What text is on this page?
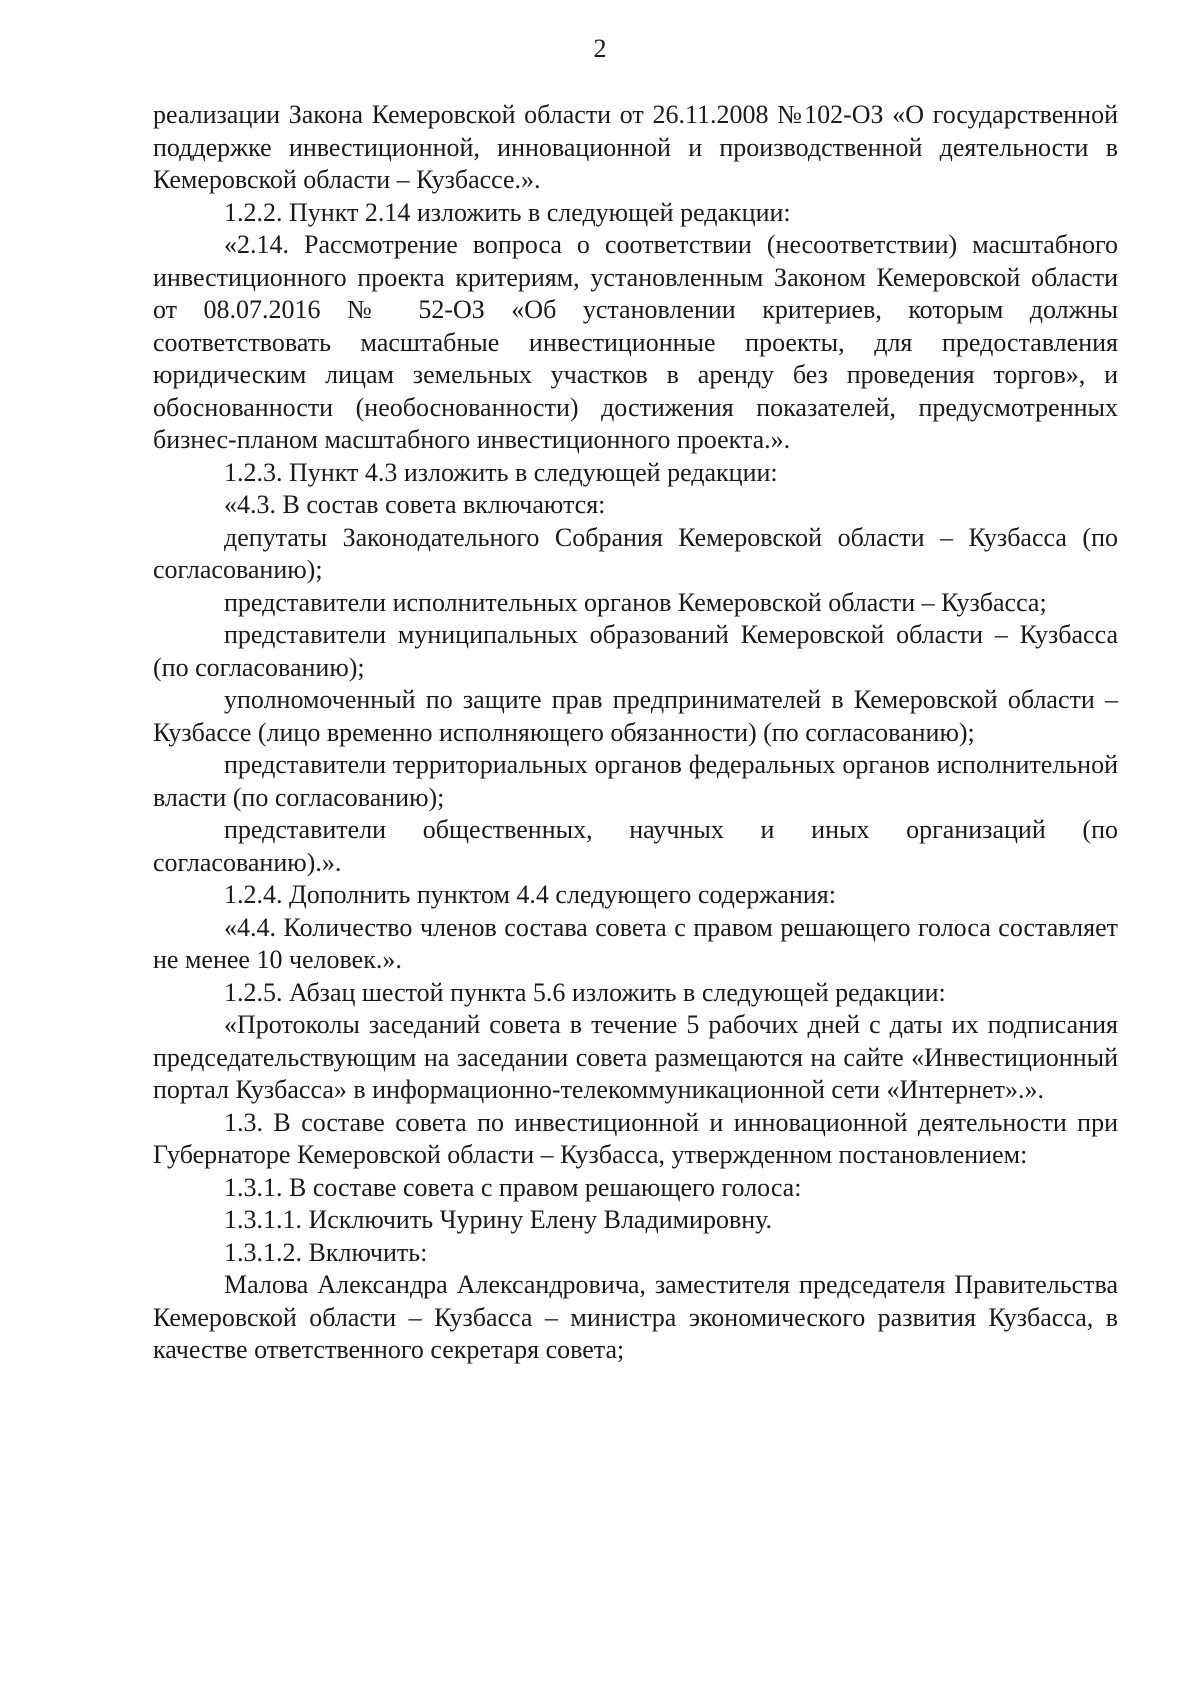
2

реализации Закона Кемеровской области от 26.11.2008 №102-ОЗ «О государственной поддержке инвестиционной, инновационной и производственной деятельности в Кемеровской области – Кузбассе.».

1.2.2. Пункт 2.14 изложить в следующей редакции:

«2.14. Рассмотрение вопроса о соответствии (несоответствии) масштабного инвестиционного проекта критериям, установленным Законом Кемеровской области от 08.07.2016 № 52-ОЗ «Об установлении критериев, которым должны соответствовать масштабные инвестиционные проекты, для предоставления юридическим лицам земельных участков в аренду без проведения торгов», и обоснованности (необоснованности) достижения показателей, предусмотренных бизнес-планом масштабного инвестиционного проекта.».

1.2.3. Пункт 4.3 изложить в следующей редакции:

«4.3. В состав совета включаются:

депутаты Законодательного Собрания Кемеровской области – Кузбасса (по согласованию);

представители исполнительных органов Кемеровской области – Кузбасса;

представители муниципальных образований Кемеровской области – Кузбасса (по согласованию);

уполномоченный по защите прав предпринимателей в Кемеровской области – Кузбассе (лицо временно исполняющего обязанности) (по согласованию);

представители территориальных органов федеральных органов исполнительной власти (по согласованию);

представители общественных, научных и иных организаций (по согласованию).».

1.2.4. Дополнить пунктом 4.4 следующего содержания:

«4.4. Количество членов состава совета с правом решающего голоса составляет не менее 10 человек.».

1.2.5. Абзац шестой пункта 5.6 изложить в следующей редакции:

«Протоколы заседаний совета в течение 5 рабочих дней с даты их подписания председательствующим на заседании совета размещаются на сайте «Инвестиционный портал Кузбасса» в информационно-телекоммуникационной сети «Интернет».».

1.3. В составе совета по инвестиционной и инновационной деятельности при Губернаторе Кемеровской области – Кузбасса, утвержденном постановлением:

1.3.1. В составе совета с правом решающего голоса:

1.3.1.1. Исключить Чурину Елену Владимировну.

1.3.1.2. Включить:

Малова Александра Александровича, заместителя председателя Правительства Кемеровской области – Кузбасса – министра экономического развития Кузбасса, в качестве ответственного секретаря совета;
